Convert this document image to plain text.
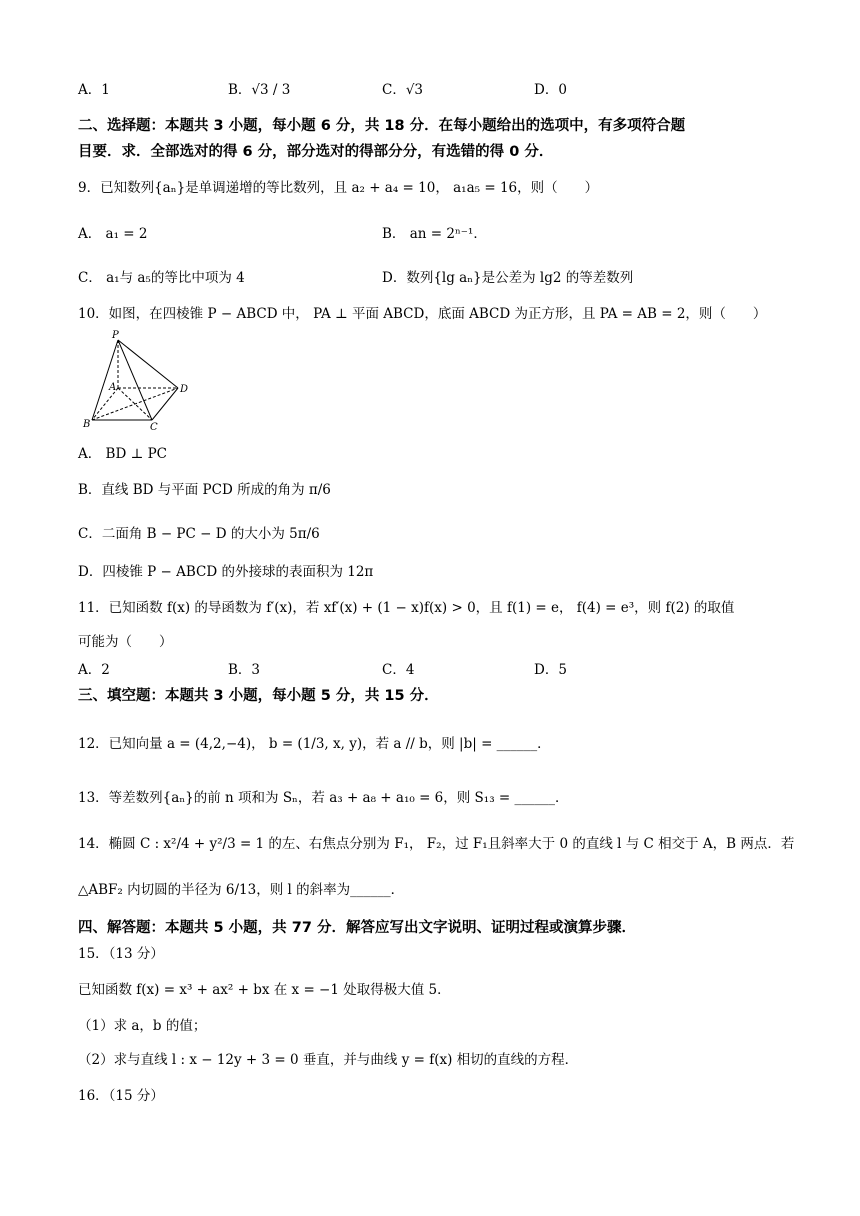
A．1	B．√3 / 3	C．√3	D．0
二、选择题：本题共 3 小题，每小题 6 分，共 18 分．在每小题给出的选项中，有多项符合题
目要．求．全部选对的得 6 分，部分选对的得部分分，有选错的得 0 分．
9．已知数列{aₙ}是单调递增的等比数列，且 a₂ + a₄ = 10， a₁a₅ = 16，则（　　）
A． a₁ = 2	B． an = 2ⁿ⁻¹．
C． a₁与 a₅的等比中项为 4	D．数列{lg aₙ}是公差为 lg2 的等差数列
10．如图，在四棱锥 P − ABCD 中， PA ⊥ 平面 ABCD，底面 ABCD 为正方形，且 PA = AB = 2，则（　　）
P
A
B	C
D
A． BD ⊥ PC
B．直线 BD 与平面 PCD 所成的角为 π/6
C．二面角 B − PC − D 的大小为 5π/6
D．四棱锥 P − ABCD 的外接球的表面积为 12π
11．已知函数 f(x) 的导函数为 f′(x)，若 xf′(x) + (1 − x)f(x) > 0，且 f(1) = e， f(4) = e³，则 f(2) 的取值
可能为（　　）
A．2	B．3	C．4	D．5
三、填空题：本题共 3 小题，每小题 5 分，共 15 分．
12．已知向量 a = (4,2,−4)， b = (1/3, x, y)，若 a // b，则 |b| = ______．
13．等差数列{aₙ}的前 n 项和为 Sₙ，若 a₃ + a₈ + a₁₀ = 6，则 S₁₃ = ______．
14．椭圆 C : x²/4 + y²/3 = 1 的左、右焦点分别为 F₁， F₂，过 F₁且斜率大于 0 的直线 l 与 C 相交于 A，B 两点．若
△ABF₂ 内切圆的半径为 6/13，则 l 的斜率为______．
四、解答题：本题共 5 小题，共 77 分．解答应写出文字说明、证明过程或演算步骤．
15．（13 分）
已知函数 f(x) = x³ + ax² + bx 在 x = −1 处取得极大值 5．
（1）求 a，b 的值；
（2）求与直线 l : x − 12y + 3 = 0 垂直，并与曲线 y = f(x) 相切的直线的方程．
16．（15 分）
